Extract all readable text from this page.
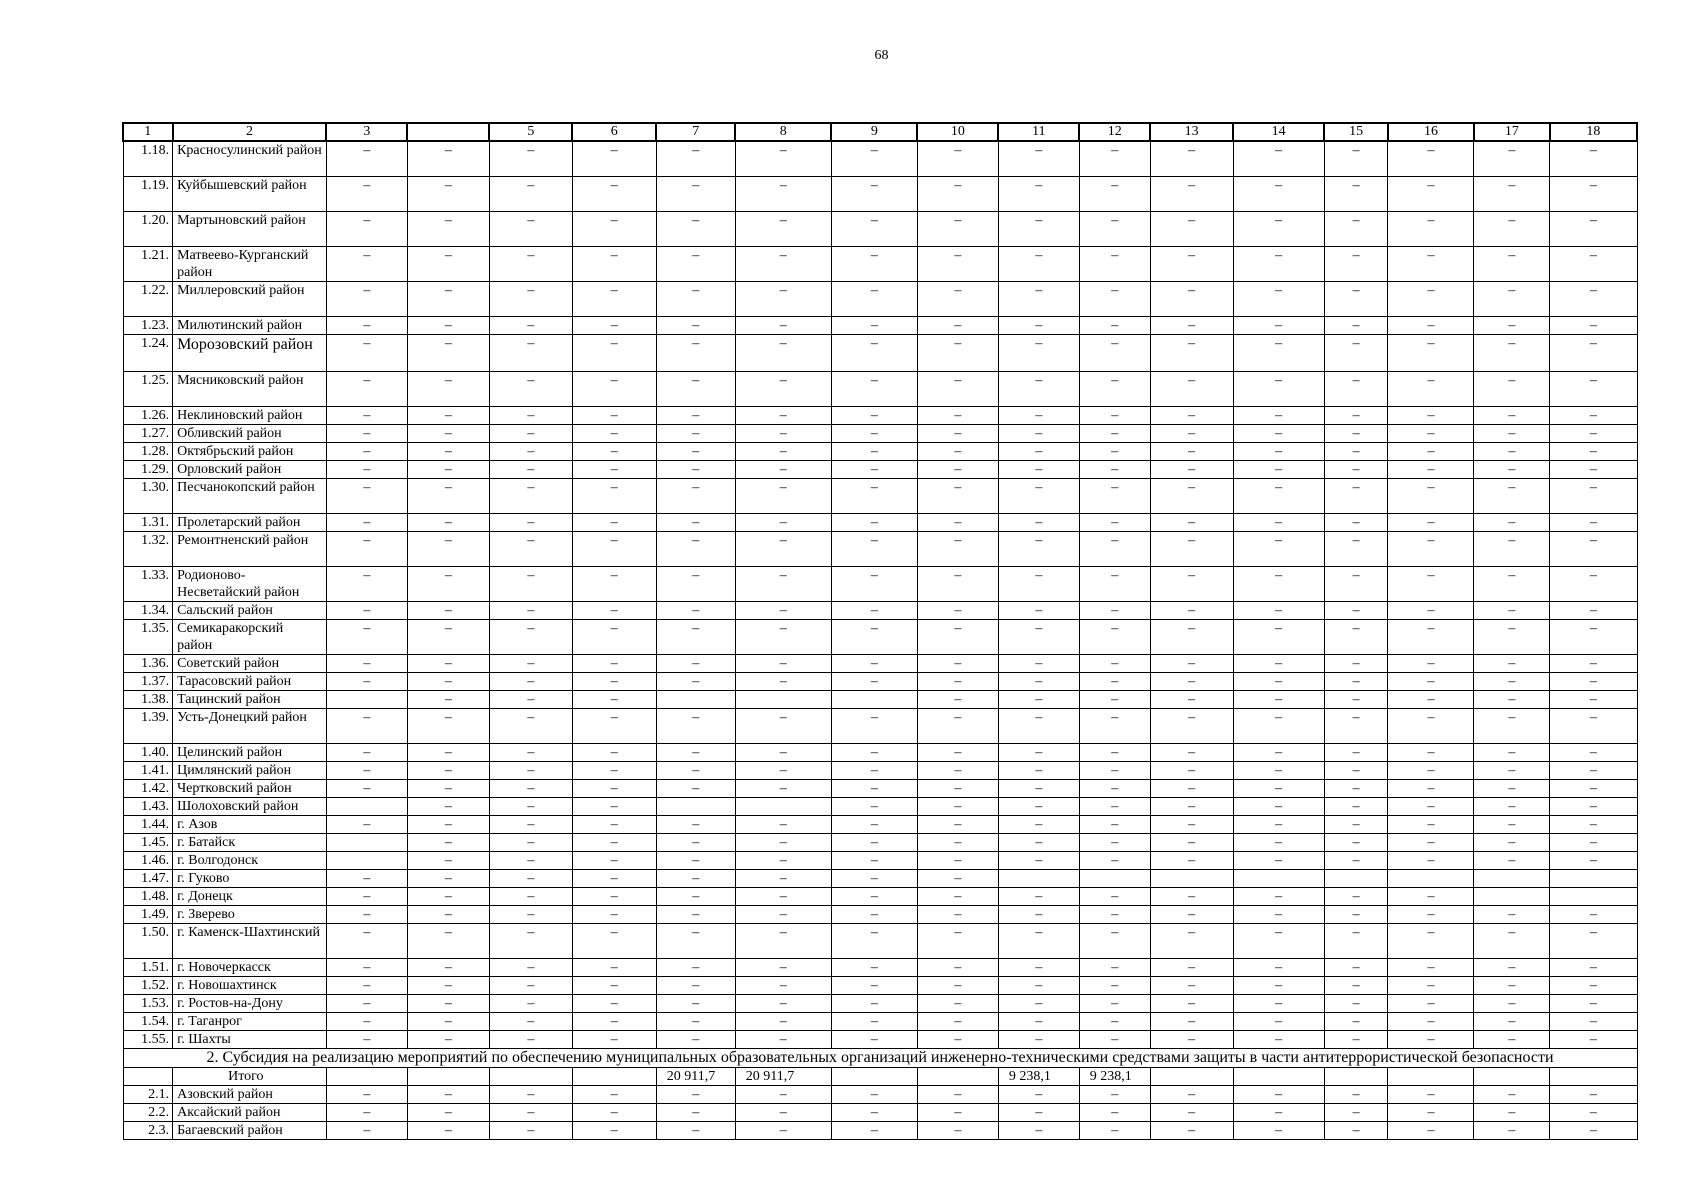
68
1	2	3		5	6	7	8	9	10	11	12	13	14	15	16	17	18
1.18.	Красносулинский район	–	–	–	–	–	–	–	–	–	–	–	–	–	–	–	–
1.19.	Куйбышевский район	–	–	–	–	–	–	–	–	–	–	–	–	–	–	–	–
1.20.	Мартыновский район	–	–	–	–	–	–	–	–	–	–	–	–	–	–	–	–
1.21.	Матвеево-Курганский район	–	–	–	–	–	–	–	–	–	–	–	–	–	–	–	–
1.22.	Миллеровский район	–	–	–	–	–	–	–	–	–	–	–	–	–	–	–	–
1.23.	Милютинский район	–	–	–	–	–	–	–	–	–	–	–	–	–	–	–	–
1.24.	Морозовский район	–	–	–	–	–	–	–	–	–	–	–	–	–	–	–	–
1.25.	Мясниковский район	–	–	–	–	–	–	–	–	–	–	–	–	–	–	–	–
1.26.	Неклиновский район	–	–	–	–	–	–	–	–	–	–	–	–	–	–	–	–
1.27.	Обливский район	–	–	–	–	–	–	–	–	–	–	–	–	–	–	–	–
1.28.	Октябрьский район	–	–	–	–	–	–	–	–	–	–	–	–	–	–	–	–
1.29.	Орловский район	–	–	–	–	–	–	–	–	–	–	–	–	–	–	–	–
1.30.	Песчанокопский район	–	–	–	–	–	–	–	–	–	–	–	–	–	–	–	–
1.31.	Пролетарский район	–	–	–	–	–	–	–	–	–	–	–	–	–	–	–	–
1.32.	Ремонтненский район	–	–	–	–	–	–	–	–	–	–	–	–	–	–	–	–
1.33.	Родионово-Несветайский район	–	–	–	–	–	–	–	–	–	–	–	–	–	–	–	–
1.34.	Сальский район	–	–	–	–	–	–	–	–	–	–	–	–	–	–	–	–
1.35.	Семикаракорский район	–	–	–	–	–	–	–	–	–	–	–	–	–	–	–	–
1.36.	Советский район	–	–	–	–	–	–	–	–	–	–	–	–	–	–	–	–
1.37.	Тарасовский район	–	–	–	–	–	–	–	–	–	–	–	–	–	–	–	–
1.38.	Тацинский район		–	–	–				–	–	–	–	–	–	–	–	–
1.39.	Усть-Донецкий район	–	–	–	–	–	–	–	–	–	–	–	–	–	–	–	–
1.40.	Целинский район	–	–	–	–	–	–	–	–	–	–	–	–	–	–	–	–
1.41.	Цимлянский район	–	–	–	–	–	–	–	–	–	–	–	–	–	–	–	–
1.42.	Чертковский район	–	–	–	–	–	–	–	–	–	–	–	–	–	–	–	–
1.43.	Шолоховский район		–	–	–			–	–	–	–	–	–	–	–	–	–
1.44.	г. Азов	–	–	–	–	–	–	–	–	–	–	–	–	–	–	–	–
1.45.	г. Батайск		–	–	–	–	–	–	–	–	–	–	–	–	–	–	–
1.46.	г. Волгодонск		–	–	–	–	–	–	–	–	–	–	–	–	–	–	–
1.47.	г. Гуково	–	–	–	–	–	–	–	–								
1.48.	г. Донецк	–	–	–	–	–	–	–	–	–	–	–	–	–	–		
1.49.	г. Зверево	–	–	–	–	–	–	–	–	–	–	–	–	–	–	–	–
1.50.	г. Каменск-Шахтинский	–	–	–	–	–	–	–	–	–	–	–	–	–	–	–	–
1.51.	г. Новочеркасск	–	–	–	–	–	–	–	–	–	–	–	–	–	–	–	–
1.52.	г. Новошахтинск	–	–	–	–	–	–	–	–	–	–	–	–	–	–	–	–
1.53.	г. Ростов-на-Дону	–	–	–	–	–	–	–	–	–	–	–	–	–	–	–	–
1.54.	г. Таганрог	–	–	–	–	–	–	–	–	–	–	–	–	–	–	–	–
1.55.	г. Шахты	–	–	–	–	–	–	–	–	–	–	–	–	–	–	–	–
2. Субсидия на реализацию мероприятий по обеспечению муниципальных образовательных организаций инженерно-техническими средствами защиты в части антитеррористической безопасности																	
	Итого					20 911,7	20 911,7			9 238,1	9 238,1						
2.1.	Азовский район	–	–	–	–	–	–	–	–	–	–	–	–	–	–	–	–
2.2.	Аксайский район	–	–	–	–	–	–	–	–	–	–	–	–	–	–	–	–
2.3.	Багаевский район	–	–	–	–	–	–	–	–	–	–	–	–	–	–	–	–
